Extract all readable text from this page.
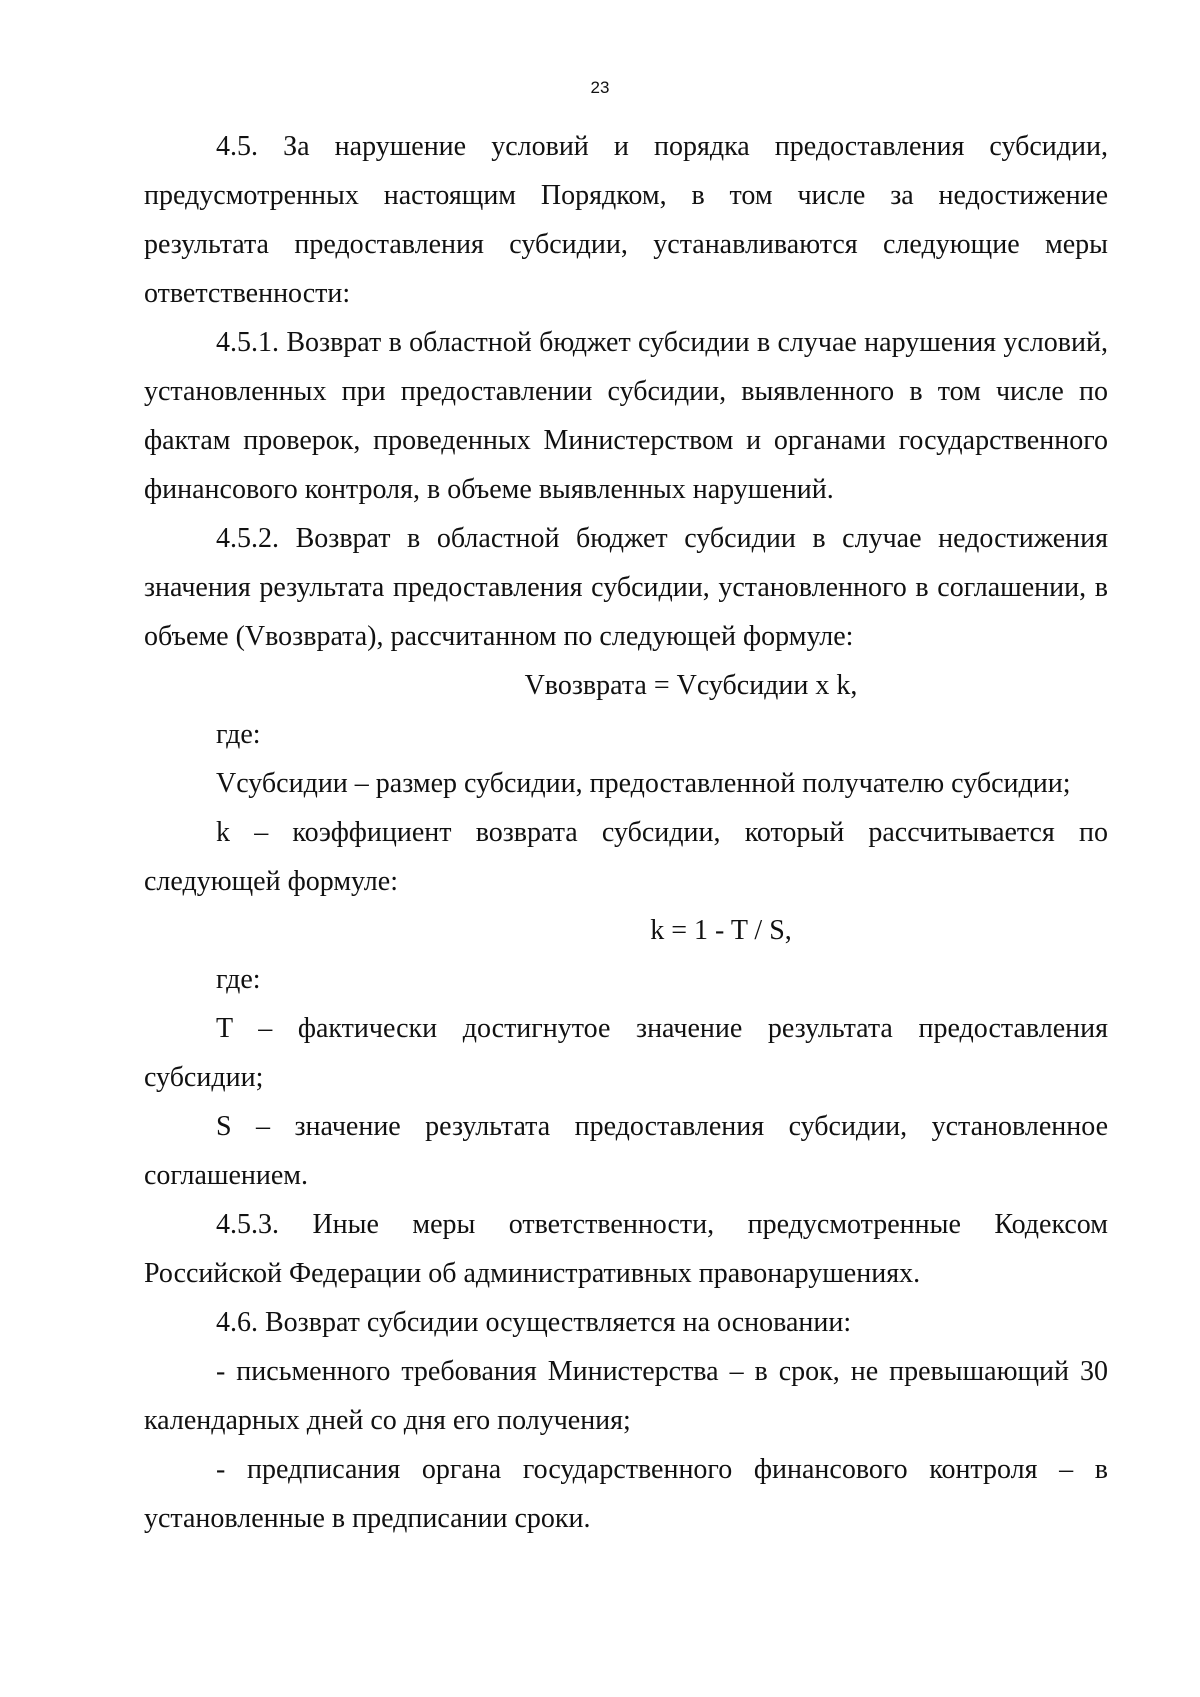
23

4.5. За нарушение условий и порядка предоставления субсидии, предусмотренных настоящим Порядком, в том числе за недостижение результата предоставления субсидии, устанавливаются следующие меры ответственности:

4.5.1. Возврат в областной бюджет субсидии в случае нарушения условий, установленных при предоставлении субсидии, выявленного в том числе по фактам проверок, проведенных Министерством и органами государственного финансового контроля, в объеме выявленных нарушений.

4.5.2. Возврат в областной бюджет субсидии в случае недостижения значения результата предоставления субсидии, установленного в соглашении, в объеме (Vвозврата), рассчитанном по следующей формуле:

Vвозврата = Vсубсидии x k,

где:

Vсубсидии – размер субсидии, предоставленной получателю субсидии;

k – коэффициент возврата субсидии, который рассчитывается по следующей формуле:

k = 1 - T / S,

где:

T – фактически достигнутое значение результата предоставления субсидии;

S – значение результата предоставления субсидии, установленное соглашением.

4.5.3. Иные меры ответственности, предусмотренные Кодексом Российской Федерации об административных правонарушениях.

4.6. Возврат субсидии осуществляется на основании:

- письменного требования Министерства – в срок, не превышающий 30 календарных дней со дня его получения;

- предписания органа государственного финансового контроля – в установленные в предписании сроки.
